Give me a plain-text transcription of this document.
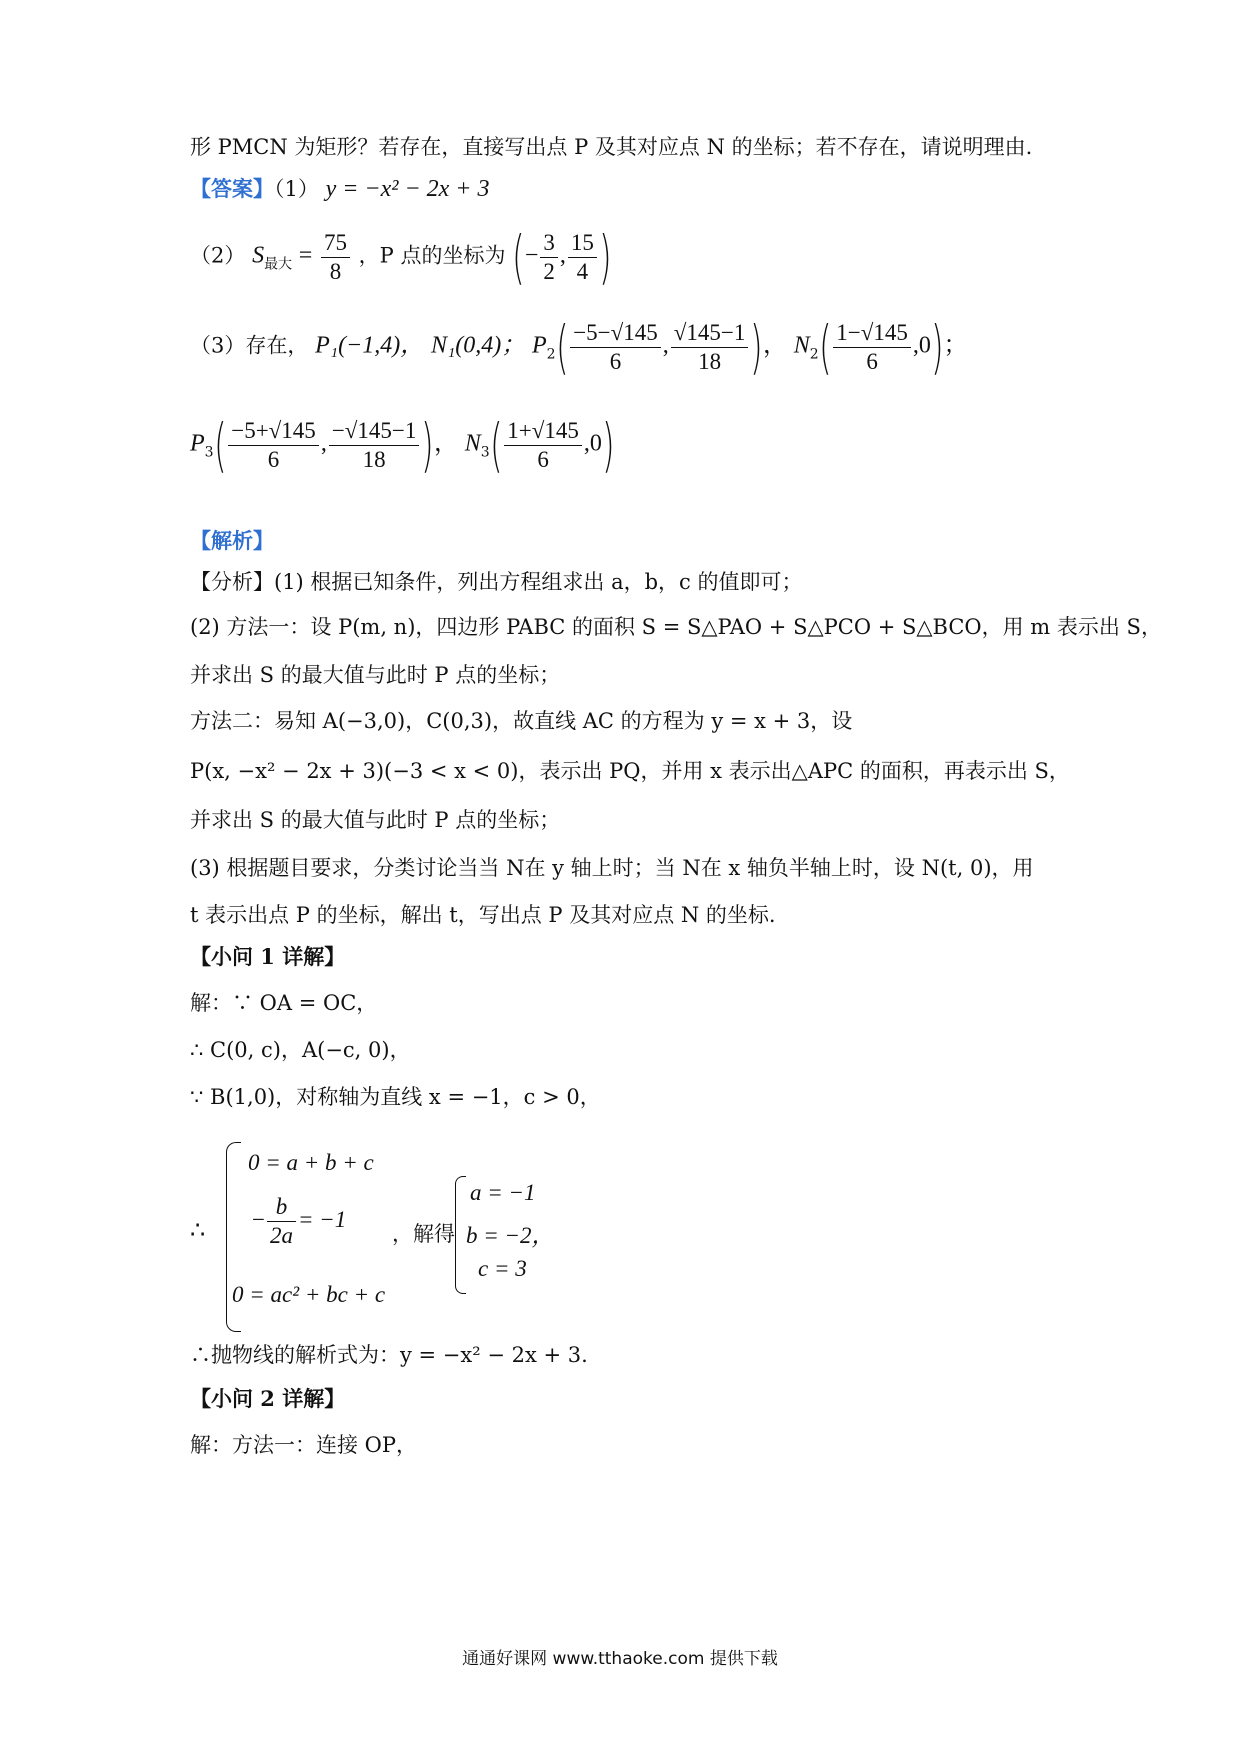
形 PMCN 为矩形？若存在，直接写出点 P 及其对应点 N 的坐标；若不存在，请说明理由.
【答案】（1） y = −x² − 2x + 3
（2） $S_{最大} = \frac{75}{8}$ ，P 点的坐标为 (− $\frac{3}{2}$ , $\frac{15}{4}$ )
（3）存在， P₁(−1,4)， N₁(0,4)； $P_2( \frac{-5-√145}{6}$ , $\frac{√145-1}{18}$ )， $N_2( \frac{1-√145}{6} ,0)$；
$P_3( \frac{-5+√145}{6}$ , $\frac{-√145-1}{18}$ )， $N_3( \frac{1+√145}{6} ,0)$
【解析】
【分析】(1) 根据已知条件，列出方程组求出 a，b，c 的值即可；
(2) 方法一：设 P(m, n)，四边形 PABC 的面积 S = S△PAO + S△PCO + S△BCO，用 m 表示出 S，
并求出 S 的最大值与此时 P 点的坐标；
方法二：易知 A(−3,0)，C(0,3)，故直线 AC 的方程为 y = x + 3，设
P(x, −x² − 2x + 3)(−3 < x < 0)，表示出 PQ，并用 x 表示出△APC 的面积，再表示出 S，
并求出 S 的最大值与此时 P 点的坐标；
(3) 根据题目要求，分类讨论当当 N在 y 轴上时；当 N在 x 轴负半轴上时，设 N(t, 0)，用
t 表示出点 P 的坐标，解出 t，写出点 P 及其对应点 N 的坐标.
【小问 1 详解】
解：∵ OA = OC，
∴ C(0, c)，A(−c, 0)，
∵ B(1,0)，对称轴为直线 x = −1，c > 0，
∴
0 = a + b + c
− $\frac{b}{2a} = -1$
0 = ac² + bc + c
，解得
a = −1
b = −2，
c = 3
∴抛物线的解析式为：y = −x² − 2x + 3.
【小问 2 详解】
解：方法一：连接 OP，
通通好课网 www.tthaoke.com 提供下载
